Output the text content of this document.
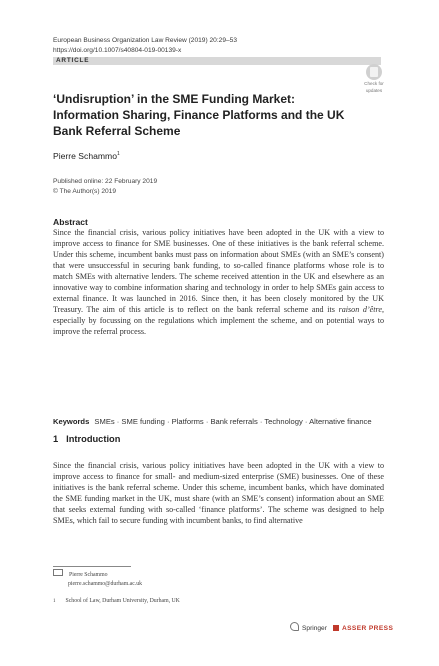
European Business Organization Law Review (2019) 20:29–53
https://doi.org/10.1007/s40804-019-00139-x
ARTICLE
Check for
updates
‘Undisruption’ in the SME Funding Market: Information Sharing, Finance Platforms and the UK Bank Referral Scheme
Pierre Schammo$^1$
Published online: 22 February 2019
© The Author(s) 2019
Abstract
Since the financial crisis, various policy initiatives have been adopted in the UK with a view to improve access to finance for SME businesses. One of these initiatives is the bank referral scheme. Under this scheme, incumbent banks must pass on information about SMEs (with an SME’s consent) that were unsuccessful in securing bank funding, to so-called finance platforms whose role is to match SMEs with alternative lenders. The scheme received attention in the UK and elsewhere as an innovative way to combine information sharing and technology in order to help SMEs gain access to external finance. It was launched in 2016. Since then, it has been closely monitored by the UK Treasury. The aim of this article is to reflect on the bank referral scheme and its raison d’être, especially by focussing on the regulations which implement the scheme, and on potential ways to improve the referral process.
Keywords SMEs · SME funding · Platforms · Bank referrals · Technology · Alternative finance
1 Introduction
Since the financial crisis, various policy initiatives have been adopted in the UK with a view to improve access to finance for small- and medium-sized enterprise (SME) businesses. One of these initiatives is the bank referral scheme. Under this scheme, incumbent banks, which have dominated the SME funding market in the UK, must share (with an SME’s consent) information about an SME that seeks external funding with so-called ‘finance platforms’. The scheme was designed to help SMEs, which fail to secure funding with incumbent banks, to find alternative
Pierre Schammo
pierre.schammo@durham.ac.uk
1 School of Law, Durham University, Durham, UK
Springer ASSER PRESS
